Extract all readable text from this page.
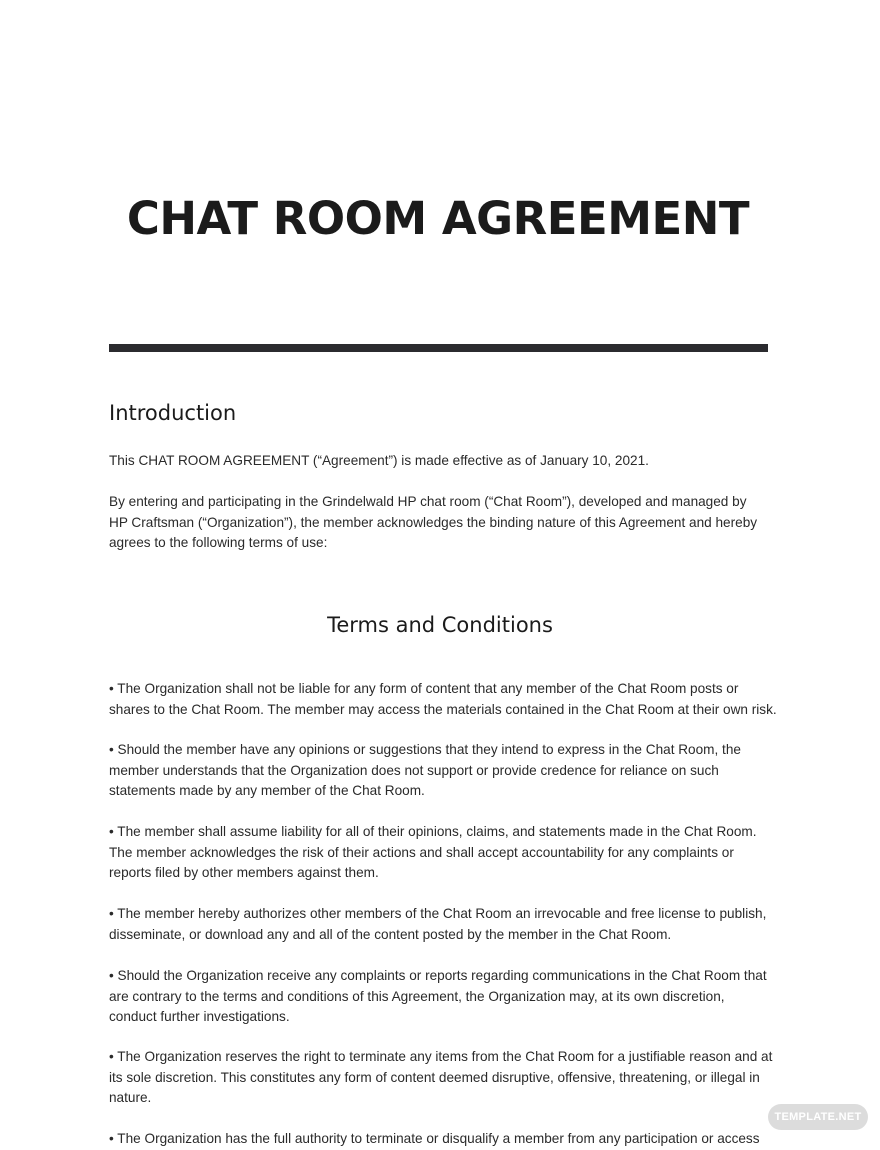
CHAT ROOM AGREEMENT
Introduction
This CHAT ROOM AGREEMENT (“Agreement”) is made effective as of January 10, 2021.
By entering and participating in the Grindelwald HP chat room (“Chat Room”), developed and managed by
HP Craftsman (“Organization”), the member acknowledges the binding nature of this Agreement and hereby
agrees to the following terms of use:
Terms and Conditions
• The Organization shall not be liable for any form of content that any member of the Chat Room posts or
shares to the Chat Room. The member may access the materials contained in the Chat Room at their own risk.
• Should the member have any opinions or suggestions that they intend to express in the Chat Room, the
member understands that the Organization does not support or provide credence for reliance on such
statements made by any member of the Chat Room.
• The member shall assume liability for all of their opinions, claims, and statements made in the Chat Room.
The member acknowledges the risk of their actions and shall accept accountability for any complaints or
reports filed by other members against them.
• The member hereby authorizes other members of the Chat Room an irrevocable and free license to publish,
disseminate, or download any and all of the content posted by the member in the Chat Room.
• Should the Organization receive any complaints or reports regarding communications in the Chat Room that
are contrary to the terms and conditions of this Agreement, the Organization may, at its own discretion,
conduct further investigations.
• The Organization reserves the right to terminate any items from the Chat Room for a justifiable reason and at
its sole discretion. This constitutes any form of content deemed disruptive, offensive, threatening, or illegal in
nature.
• The Organization has the full authority to terminate or disqualify a member from any participation or access
TEMPLATE.NET
